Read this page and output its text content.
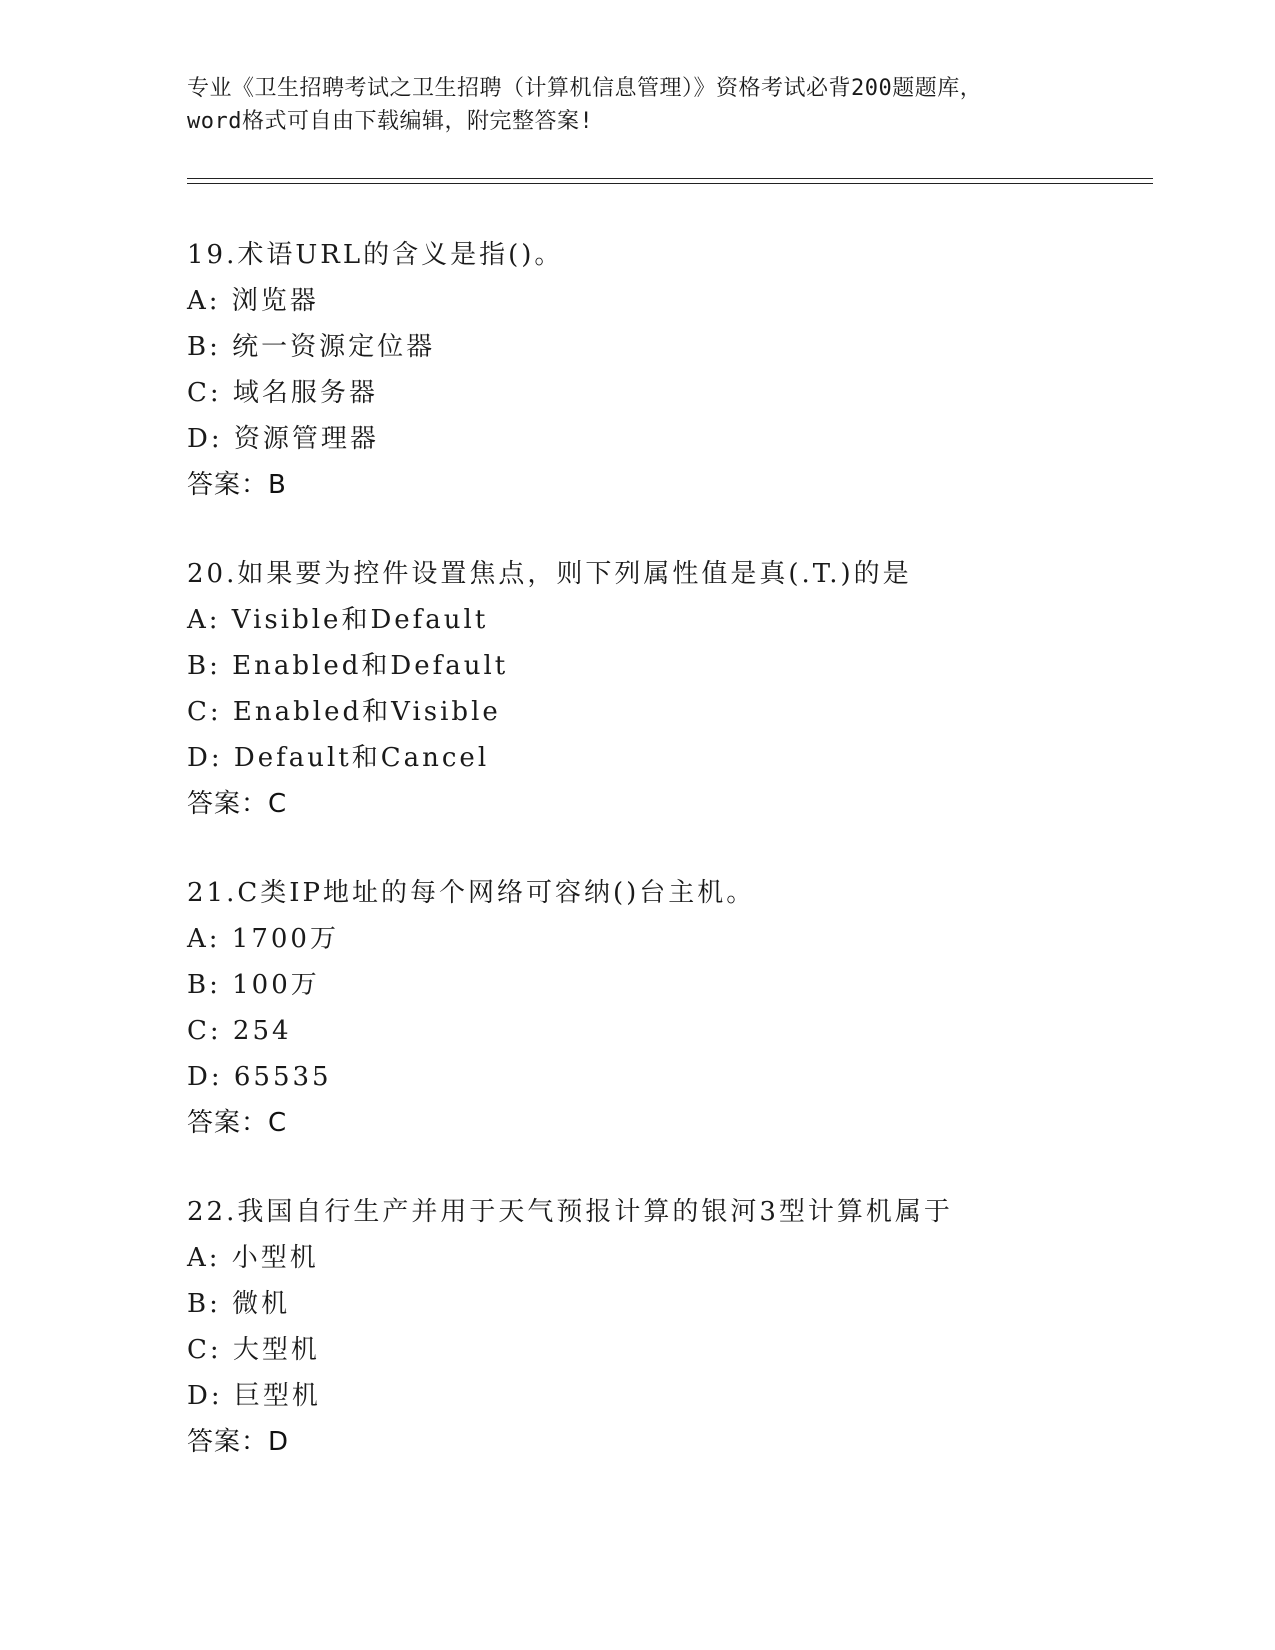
专业《卫生招聘考试之卫生招聘（计算机信息管理）》资格考试必背200题题库，
word格式可自由下载编辑，附完整答案!
19.术语URL的含义是指()。
A: 浏览器
B: 统一资源定位器
C: 域名服务器
D: 资源管理器
答案：B
20.如果要为控件设置焦点，则下列属性值是真(.T.)的是
A: Visible和Default
B: Enabled和Default
C: Enabled和Visible
D: Default和Cancel
答案：C
21.C类IP地址的每个网络可容纳()台主机。
A: 1700万
B: 100万
C: 254
D: 65535
答案：C
22.我国自行生产并用于天气预报计算的银河3型计算机属于
A: 小型机
B: 微机
C: 大型机
D: 巨型机
答案：D
